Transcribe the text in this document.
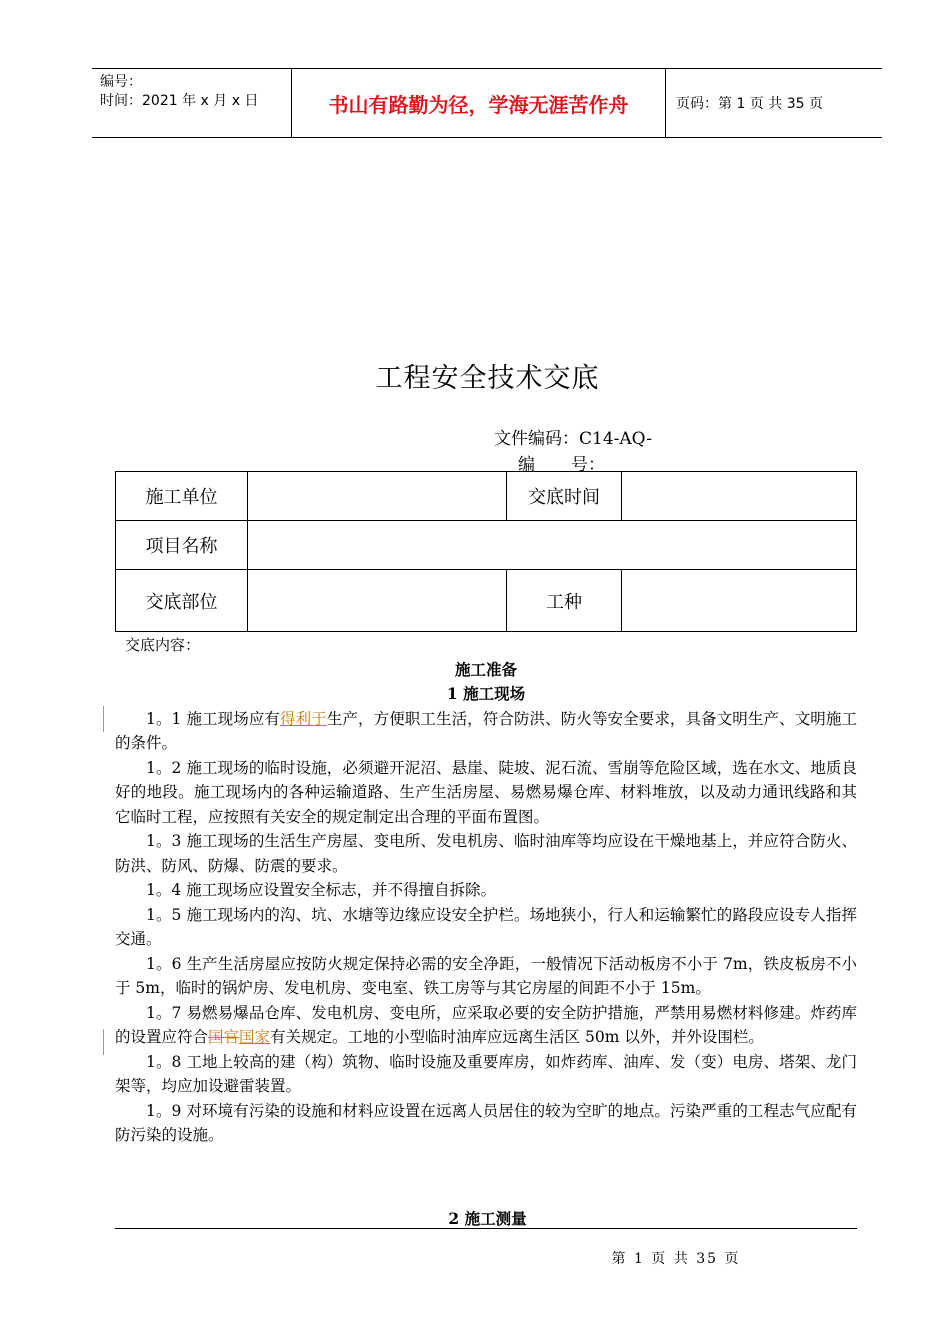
编号：
时间：2021 年 x 月 x 日	书山有路勤为径，学海无涯苦作舟	页码：第 1 页 共 35 页
工程安全技术交底
文件编码：C14-AQ-
编 号：
施工单位		交底时间	
项目名称			
交底部位		工种	
交底内容：
施工准备
1 施工现场
1。1 施工现场应有得利于生产，方便职工生活，符合防洪、防火等安全要求，具备文明生产、文明施工的条件。
1。2 施工现场的临时设施，必须避开泥沼、悬崖、陡坡、泥石流、雪崩等危险区域，选在水文、地质良好的地段。施工现场内的各种运输道路、生产生活房屋、易燃易爆仓库、材料堆放，以及动力通讯线路和其它临时工程，应按照有关安全的规定制定出合理的平面布置图。
1。3 施工现场的生活生产房屋、变电所、发电机房、临时油库等均应设在干燥地基上，并应符合防火、防洪、防风、防爆、防震的要求。
1。4 施工现场应设置安全标志，并不得擅自拆除。
1。5 施工现场内的沟、坑、水塘等边缘应设安全护栏。场地狭小，行人和运输繁忙的路段应设专人指挥交通。
1。6 生产生活房屋应按防火规定保持必需的安全净距，一般情况下活动板房不小于 7m，铁皮板房不小于 5m，临时的锅炉房、发电机房、变电室、铁工房等与其它房屋的间距不小于 15m。
1。7 易燃易爆品仓库、发电机房、变电所，应采取必要的安全防护措施，严禁用易燃材料修建。炸药库的设置应符合国官国家有关规定。工地的小型临时油库应远离生活区 50m 以外，并外设围栏。
1。8 工地上较高的建（构）筑物、临时设施及重要库房，如炸药库、油库、发（变）电房、塔架、龙门架等，均应加设避雷装置。
1。9 对环境有污染的设施和材料应设置在远离人员居住的较为空旷的地点。污染严重的工程志气应配有防污染的设施。
2 施工测量
第 1 页 共 35 页
